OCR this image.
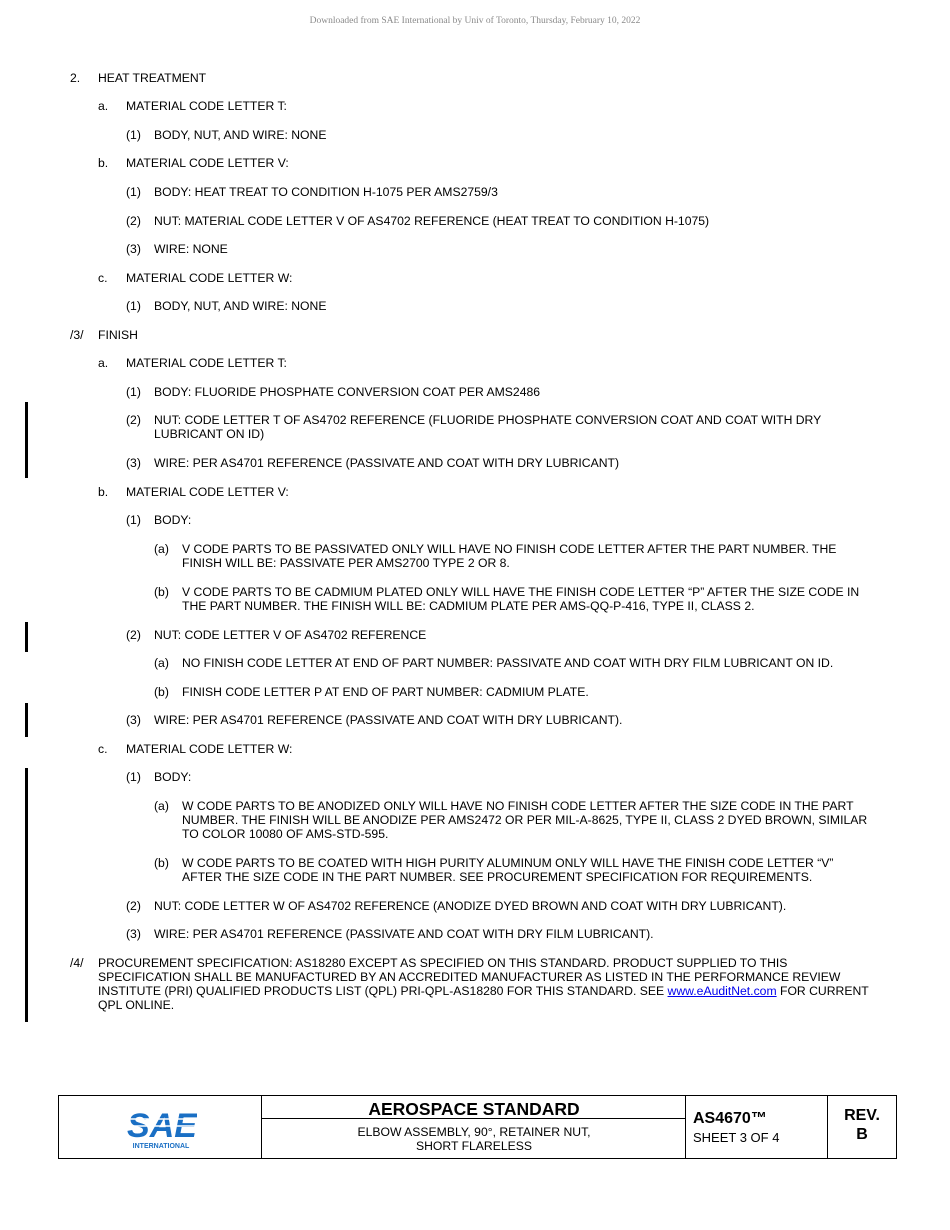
Downloaded from SAE International by Univ of Toronto, Thursday, February 10, 2022
2. HEAT TREATMENT
a. MATERIAL CODE LETTER T:
(1) BODY, NUT, AND WIRE: NONE
b. MATERIAL CODE LETTER V:
(1) BODY: HEAT TREAT TO CONDITION H-1075 PER AMS2759/3
(2) NUT: MATERIAL CODE LETTER V OF AS4702 REFERENCE (HEAT TREAT TO CONDITION H-1075)
(3) WIRE: NONE
c. MATERIAL CODE LETTER W:
(1) BODY, NUT, AND WIRE: NONE
/3/ FINISH
a. MATERIAL CODE LETTER T:
(1) BODY: FLUORIDE PHOSPHATE CONVERSION COAT PER AMS2486
(2) NUT: CODE LETTER T OF AS4702 REFERENCE (FLUORIDE PHOSPHATE CONVERSION COAT AND COAT WITH DRY
LUBRICANT ON ID)
(3) WIRE: PER AS4701 REFERENCE (PASSIVATE AND COAT WITH DRY LUBRICANT)
b. MATERIAL CODE LETTER V:
(1) BODY:
(a) V CODE PARTS TO BE PASSIVATED ONLY WILL HAVE NO FINISH CODE LETTER AFTER THE PART NUMBER. THE
FINISH WILL BE: PASSIVATE PER AMS2700 TYPE 2 OR 8.
(b) V CODE PARTS TO BE CADMIUM PLATED ONLY WILL HAVE THE FINISH CODE LETTER “P” AFTER THE SIZE CODE IN
THE PART NUMBER. THE FINISH WILL BE: CADMIUM PLATE PER AMS-QQ-P-416, TYPE II, CLASS 2.
(2) NUT: CODE LETTER V OF AS4702 REFERENCE
(a) NO FINISH CODE LETTER AT END OF PART NUMBER: PASSIVATE AND COAT WITH DRY FILM LUBRICANT ON ID.
(b) FINISH CODE LETTER P AT END OF PART NUMBER: CADMIUM PLATE.
(3) WIRE: PER AS4701 REFERENCE (PASSIVATE AND COAT WITH DRY LUBRICANT).
c. MATERIAL CODE LETTER W:
(1) BODY:
(a) W CODE PARTS TO BE ANODIZED ONLY WILL HAVE NO FINISH CODE LETTER AFTER THE SIZE CODE IN THE PART
NUMBER. THE FINISH WILL BE ANODIZE PER AMS2472 OR PER MIL-A-8625, TYPE II, CLASS 2 DYED BROWN, SIMILAR
TO COLOR 10080 OF AMS-STD-595.
(b) W CODE PARTS TO BE COATED WITH HIGH PURITY ALUMINUM ONLY WILL HAVE THE FINISH CODE LETTER “V”
AFTER THE SIZE CODE IN THE PART NUMBER. SEE PROCUREMENT SPECIFICATION FOR REQUIREMENTS.
(2) NUT: CODE LETTER W OF AS4702 REFERENCE (ANODIZE DYED BROWN AND COAT WITH DRY LUBRICANT).
(3) WIRE: PER AS4701 REFERENCE (PASSIVATE AND COAT WITH DRY FILM LUBRICANT).
/4/ PROCUREMENT SPECIFICATION: AS18280 EXCEPT AS SPECIFIED ON THIS STANDARD. PRODUCT SUPPLIED TO THIS
SPECIFICATION SHALL BE MANUFACTURED BY AN ACCREDITED MANUFACTURER AS LISTED IN THE PERFORMANCE REVIEW
INSTITUTE (PRI) QUALIFIED PRODUCTS LIST (QPL) PRI-QPL-AS18280 FOR THIS STANDARD. SEE www.eAuditNet.com FOR CURRENT
QPL ONLINE.
SAE
INTERNATIONAL
AEROSPACE STANDARD
ELBOW ASSEMBLY, 90°, RETAINER NUT,
SHORT FLARELESS
AS4670™
SHEET 3 OF 4
REV.
B
